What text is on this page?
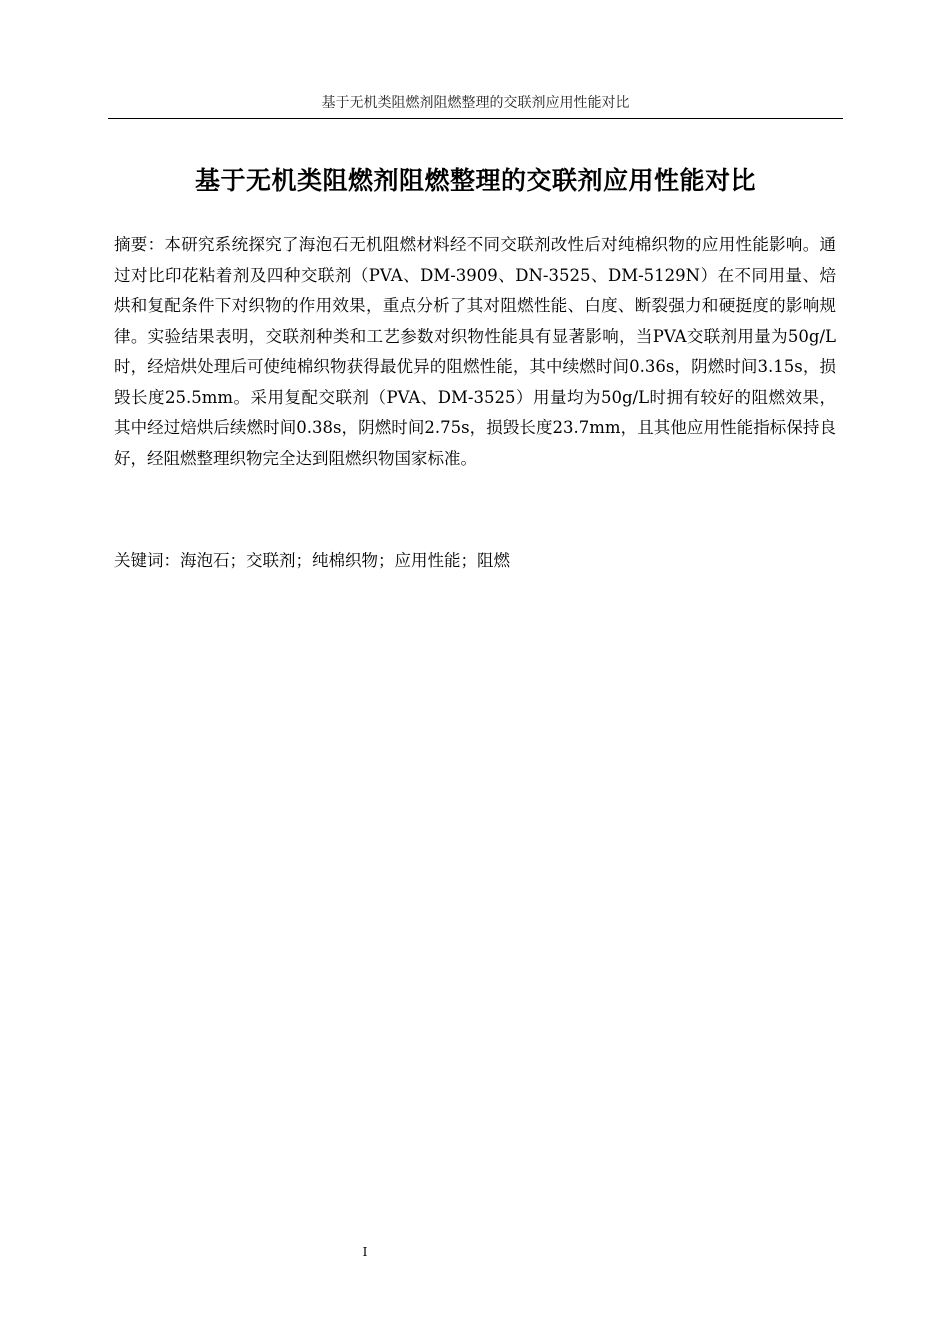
基于无机类阻燃剂阻燃整理的交联剂应用性能对比
基于无机类阻燃剂阻燃整理的交联剂应用性能对比

摘要：本研究系统探究了海泡石无机阻燃材料经不同交联剂改性后对纯棉织物的应用性能影响。通过对比印花粘着剂及四种交联剂（PVA、DM-3909、DN-3525、DM-5129N）在不同用量、焙烘和复配条件下对织物的作用效果，重点分析了其对阻燃性能、白度、断裂强力和硬挺度的影响规律。实验结果表明，交联剂种类和工艺参数对织物性能具有显著影响，当PVA交联剂用量为50g/L时，经焙烘处理后可使纯棉织物获得最优异的阻燃性能，其中续燃时间0.36s，阴燃时间3.15s，损毁长度25.5mm。采用复配交联剂（PVA、DM-3525）用量均为50g/L时拥有较好的阻燃效果，其中经过焙烘后续燃时间0.38s，阴燃时间2.75s，损毁长度23.7mm，且其他应用性能指标保持良好，经阻燃整理织物完全达到阻燃织物国家标准。

关键词：海泡石；交联剂；纯棉织物；应用性能；阻燃

I
